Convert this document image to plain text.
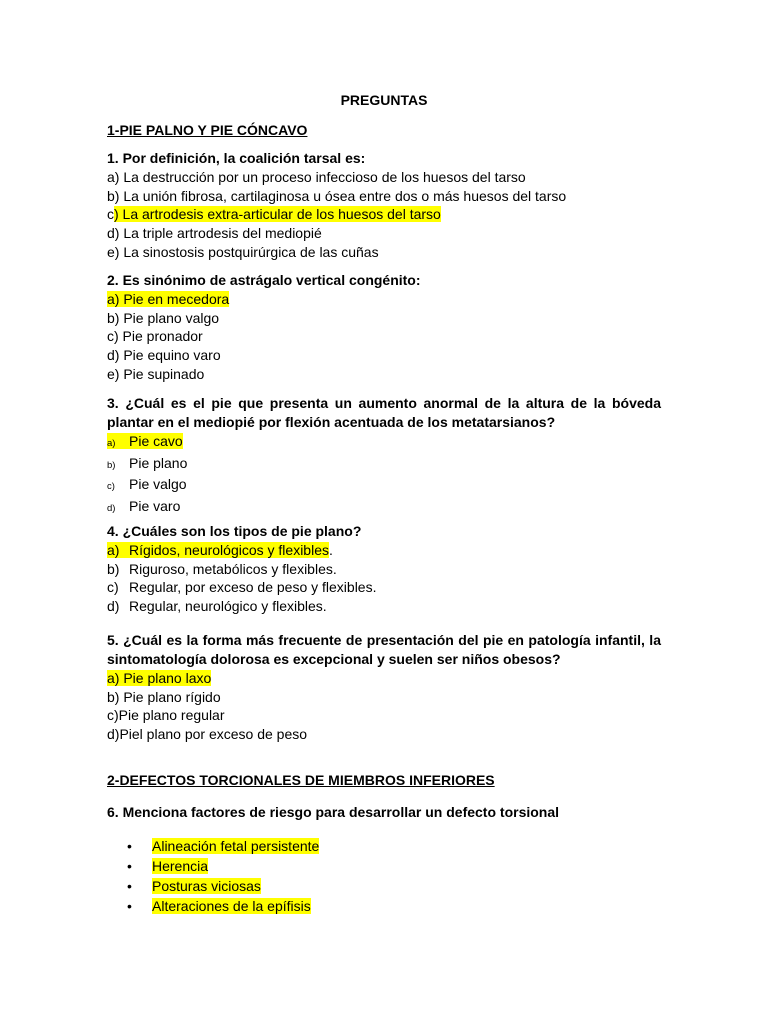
PREGUNTAS
1-PIE PALNO Y PIE CÓNCAVO

1. Por definición, la coalición tarsal es:

a) La destrucción por un proceso infeccioso de los huesos del tarso
b) La unión fibrosa, cartilaginosa u ósea entre dos o más huesos del tarso
c) La artrodesis extra-articular de los huesos del tarso
d) La triple artrodesis del mediopié
e) La sinostosis postquirúrgica de las cuñas

2. Es sinónimo de astrágalo vertical congénito:

a) Pie en mecedora
b) Pie plano valgo
c) Pie pronador
d) Pie equino varo
e) Pie supinado

3. ¿Cuál es el pie que presenta un aumento anormal de la altura de la bóveda plantar en el mediopié por flexión acentuada de los metatarsianos?

a) Pie cavo
b) Pie plano
c) Pie valgo
d) Pie varo

4. ¿Cuáles son los tipos de pie plano?

a) Rígidos, neurológicos y flexibles.
b) Riguroso, metabólicos y flexibles.
c) Regular, por exceso de peso y flexibles.
d) Regular, neurológico y flexibles.

5. ¿Cuál es la forma más frecuente de presentación del pie en patología infantil, la sintomatología dolorosa es excepcional y suelen ser niños obesos?

a) Pie plano laxo
b) Pie plano rígido
c)Pie plano regular
d)Piel plano por exceso de peso
2-DEFECTOS TORCIONALES DE MIEMBROS INFERIORES

6. Menciona factores de riesgo para desarrollar un defecto torsional

• Alineación fetal persistente
• Herencia
• Posturas viciosas
• Alteraciones de la epífisis
